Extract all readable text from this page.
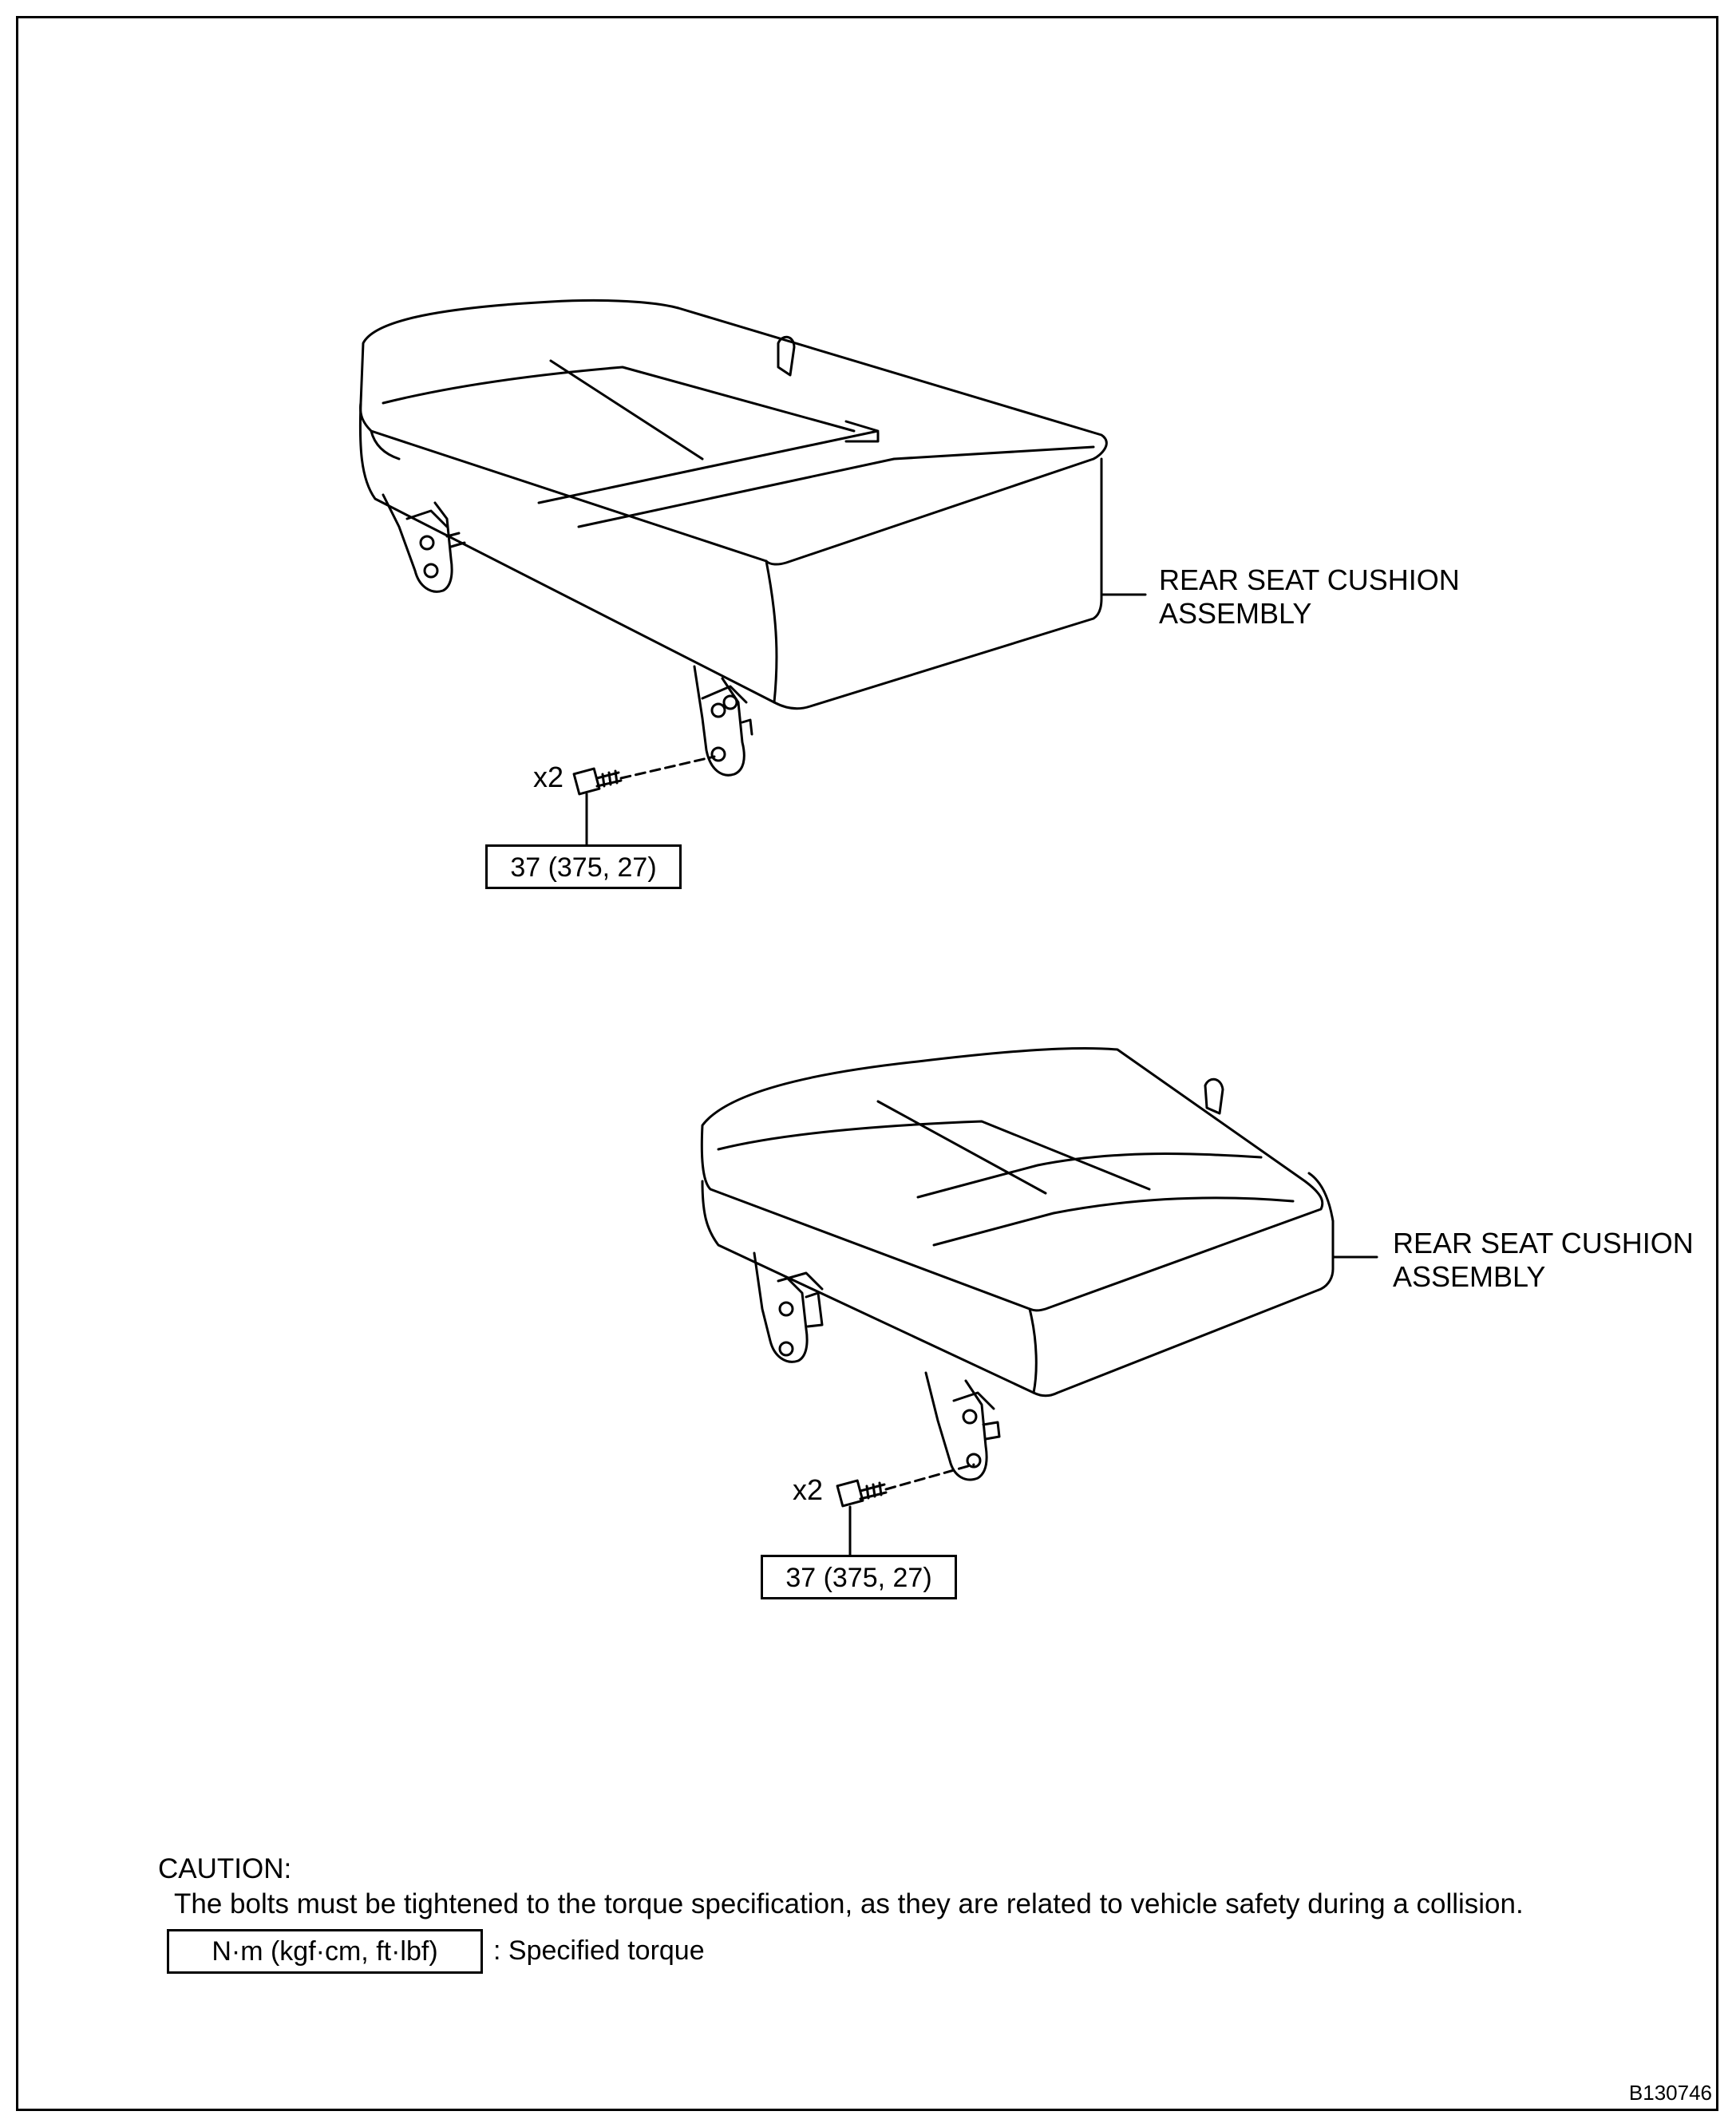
REAR SEAT CUSHION
ASSEMBLY
x2
37 (375, 27)
REAR SEAT CUSHION
ASSEMBLY
x2
37 (375, 27)
CAUTION:
The bolts must be tightened to the torque specification, as they are related to vehicle safety during a collision.
N·m (kgf·cm, ft·lbf)	: Specified torque
B130746
